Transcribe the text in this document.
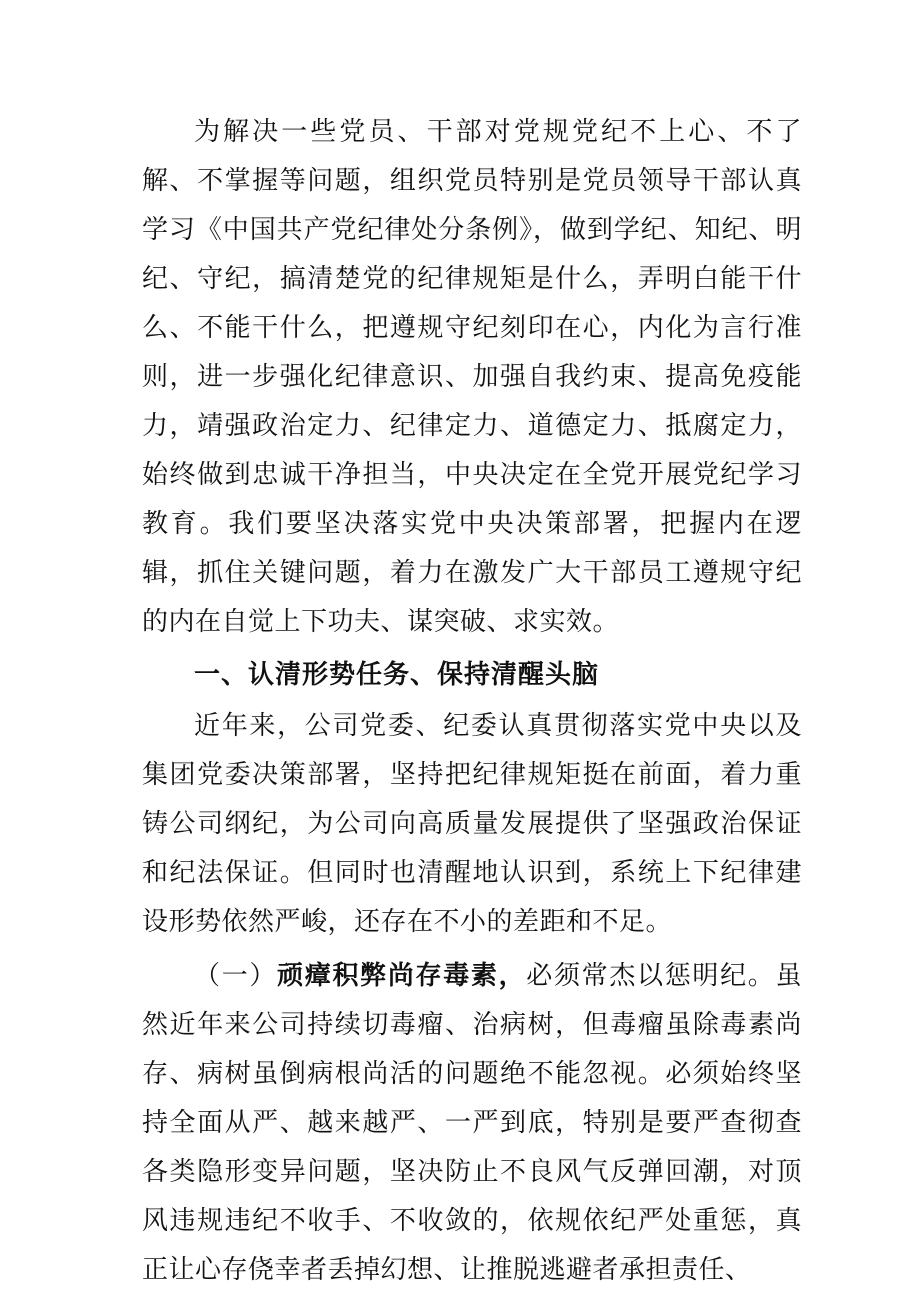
为解决一些党员、干部对党规党纪不上心、不了解、不掌握等问题，组织党员特别是党员领导干部认真学习《中国共产党纪律处分条例》，做到学纪、知纪、明纪、守纪，搞清楚党的纪律规矩是什么，弄明白能干什么、不能干什么，把遵规守纪刻印在心，内化为言行准则，进一步强化纪律意识、加强自我约束、提高免疫能力，靖强政治定力、纪律定力、道德定力、抵腐定力，始终做到忠诚干净担当，中央决定在全党开展党纪学习教育。我们要坚决落实党中央决策部署，把握内在逻辑，抓住关键问题，着力在激发广大干部员工遵规守纪的内在自觉上下功夫、谋突破、求实效。

一、认清形势任务、保持清醒头脑

近年来，公司党委、纪委认真贯彻落实党中央以及集团党委决策部署，坚持把纪律规矩挺在前面，着力重铸公司纲纪，为公司向高质量发展提供了坚强政治保证和纪法保证。但同时也清醒地认识到，系统上下纪律建设形势依然严峻，还存在不小的差距和不足。

（一）顽瘴积弊尚存毒素，必须常杰以惩明纪。虽然近年来公司持续切毒瘤、治病树，但毒瘤虽除毒素尚存、病树虽倒病根尚活的问题绝不能忽视。必须始终坚持全面从严、越来越严、一严到底，特别是要严查彻查各类隐形变异问题，坚决防止不良风气反弹回潮，对顶风违规违纪不收手、不收敛的，依规依纪严处重惩，真正让心存侥幸者丢掉幻想、让推脱逃避者承担责任、
